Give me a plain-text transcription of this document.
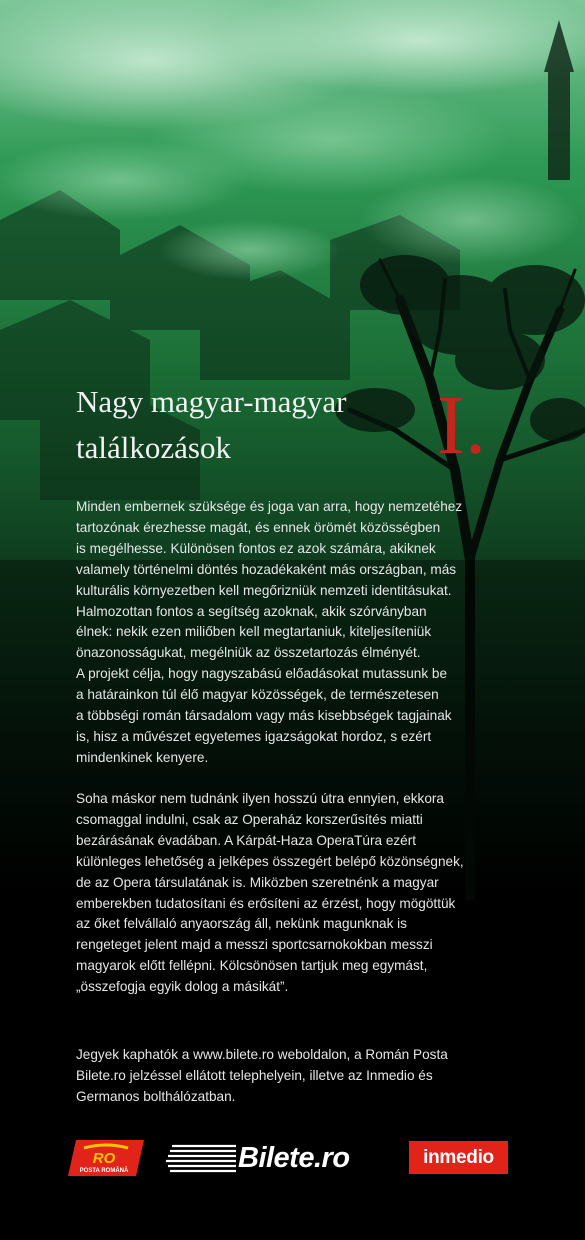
Nagy magyar-magyar
találkozások I.
Minden embernek szüksége és joga van arra, hogy nemzetéhez
tartozónak érezhesse magát, és ennek örömét közösségben
is megélhesse. Különösen fontos ez azok számára, akiknek
valamely történelmi döntés hozadékaként más országban, más
kulturális környezetben kell megőrizniük nemzeti identitásukat.
Halmozottan fontos a segítség azoknak, akik szórványban
élnek: nekik ezen miliőben kell megtartaniuk, kiteljesíteniük
önazonosságukat, megélniük az összetartozás élményét.
A projekt célja, hogy nagyszabású előadásokat mutassunk be
a határainkon túl élő magyar közösségek, de természetesen
a többségi román társadalom vagy más kisebbségek tagjainak
is, hisz a művészet egyetemes igazságokat hordoz, s ezért
mindenkinek kenyere.
Soha máskor nem tudnánk ilyen hosszú útra ennyien, ekkora
csomaggal indulni, csak az Operaház korszerűsítés miatti
bezárásának évadában. A Kárpát-Haza OperaTúra ezért
különleges lehetőség a jelképes összegért belépő közönségnek,
de az Opera társulatának is. Miközben szeretnénk a magyar
emberekben tudatosítani és erősíteni az érzést, hogy mögöttük
az őket felvállaló anyaország áll, nekünk magunknak is
rengeteget jelent majd a messzi sportcsarnokokban messzi
magyarok előtt fellépni. Kölcsönösen tartjuk meg egymást,
„összefogja egyik dolog a másikát”.
Jegyek kaphatók a www.bilete.ro weboldalon, a Román Posta
Bilete.ro jelzéssel ellátott telephelyein, illetve az Inmedio és
Germanos bolthálózatban.
RO
POSTA ROMÂNĂ	Bilete.ro	inmedio
